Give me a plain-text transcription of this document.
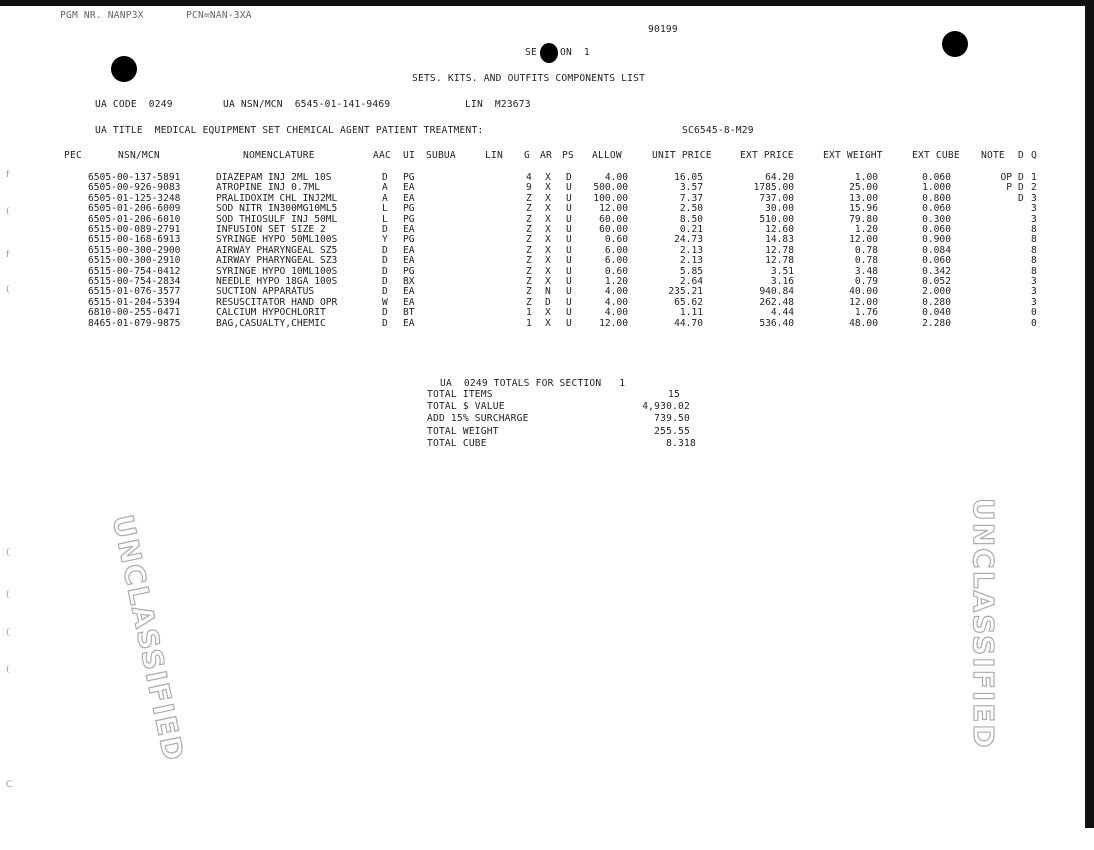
PGM NR. NANP3X	PCN=NAN-3XA
90199
SE ON  1
SETS. KITS. AND OUTFITS COMPONENTS LIST
UA CODE  0249	UA NSN/MCN  6545-01-141-9469	LIN  M23673
UA TITLE  MEDICAL EQUIPMENT SET CHEMICAL AGENT PATIENT TREATMENT:	SC6545-8-M29
PEC	NSN/MCN	NOMENCLATURE	AAC UI SUBUA	LIN G AR PS ALLOW	UNIT PRICE	EXT PRICE	EXT WEIGHT	EXT CUBE NOTE D Q
6505-00-137-5891	DIAZEPAM INJ 2ML 10S	D PG	4 X D	4.00	16.05	64.20	1.00	0.060	OP D 1
6505-00-926-9083	ATROPINE INJ 0.7ML	A EA	9 X U	500.00	3.57	1785.00	25.00	1.000	P D 2
6505-01-125-3248	PRALIDOXIM CHL INJ2ML	A EA	Z X U	100.00	7.37	737.00	13.00	0.800	D 3
6505-01-206-6009	SOD NITR IN300MG10ML5	L PG	Z X U	12.00	2.50	30.00	15.96	0.060	3
6505-01-206-6010	SOD THIOSULF INJ 50ML	L PG	Z X U	60.00	8.50	510.00	79.80	0.300	3
6515-00-089-2791	INFUSION SET SIZE 2	D EA	Z X U	60.00	0.21	12.60	1.20	0.060	8
6515-00-168-6913	SYRINGE HYPO 50ML100S	Y PG	Z X U	0.60	24.73	14.83	12.00	0.900	8
6515-00-300-2900	AIRWAY PHARYNGEAL SZ5	D EA	Z X U	6.00	2.13	12.78	0.78	0.084	8
6515-00-300-2910	AIRWAY PHARYNGEAL SZ3	D EA	Z X U	6.00	2.13	12.78	0.78	0.060	8
6515-00-754-0412	SYRINGE HYPO 10ML100S	D PG	Z X U	0.60	5.85	3.51	3.48	0.342	8
6515-00-754-2834	NEEDLE HYPO 18GA 100S	D BX	Z X U	1.20	2.64	3.16	0.79	0.052	3
6515-01-076-3577	SUCTION APPARATUS	D EA	Z N U	4.00	235.21	940.84	40.00	2.000	3
6515-01-204-5394	RESUSCITATOR HAND OPR	W EA	Z D U	4.00	65.62	262.48	12.00	0.280	3
6810-00-255-0471	CALCIUM HYPOCHLORIT	D BT	1 X U	4.00	1.11	4.44	1.76	0.040	0
8465-01-079-9875	BAG,CASUALTY,CHEMIC	D EA	1 X U	12.00	44.70	536.40	48.00	2.280	0
UA  0249 TOTALS FOR SECTION   1
TOTAL ITEMS	15
TOTAL $ VALUE	4,930.02
ADD 15% SURCHARGE	739.50
TOTAL WEIGHT	255.55
TOTAL CUBE	8.318
UNCLASSIFIED	UNCLASSIFIED
f
(
f
(
(
(
(
(
C
